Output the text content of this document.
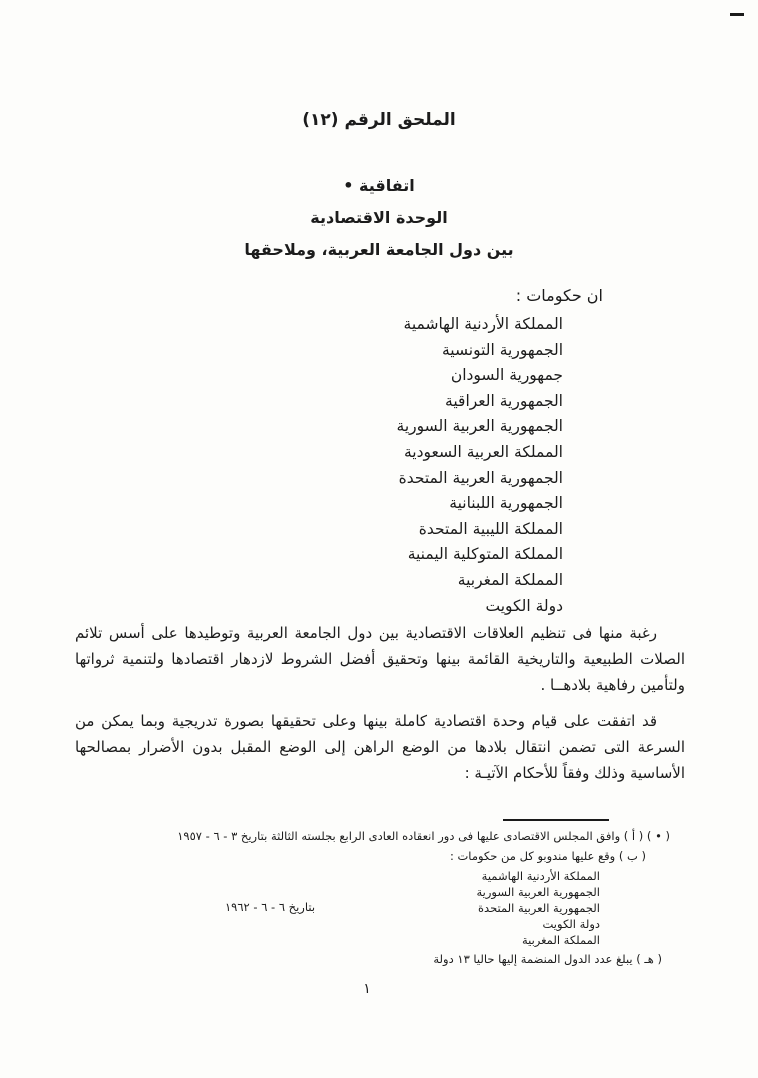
الملحق الرقم (١٢)
اتفاقية •
الوحدة الاقتصادية
بين دول الجامعة العربية، وملاحقها
ان حكومات :
المملكة الأردنية الهاشمية
الجمهورية التونسية
جمهورية السودان
الجمهورية العراقية
الجمهورية العربية السورية
المملكة العربية السعودية
الجمهورية العربية المتحدة
الجمهورية اللبنانية
المملكة الليبية المتحدة
المملكة المتوكلية اليمنية
المملكة المغربية
دولة الكويت
رغبة منها فى تنظيم العلاقات الاقتصادية بين دول الجامعة العربية وتوطيدها على أسس تلائم الصلات الطبيعية والتاريخية القائمة بينها وتحقيق أفضل الشروط لازدهار اقتصادها ولتنمية ثرواتها ولتأمين رفاهية بلادهــا .
قد اتفقت على قيام وحدة اقتصادية كاملة بينها وعلى تحقيقها بصورة تدريجية وبما يمكن من السرعة التى تضمن انتقال بلادها من الوضع الراهن إلى الوضع المقبل بدون الأضرار بمصالحها الأساسية وذلك وفقاً للأحكام الآتيـة :
( • ) ( أ ) وافق المجلس الاقتصادى عليها فى دور انعقاده العادى الرابع بجلسته الثالثة بتاريخ ٣ - ٦ - ١٩٥٧
( ب ) وقع عليها مندوبو كل من حكومات :
المملكة الأردنية الهاشمية
الجمهورية العربية السورية
الجمهورية العربية المتحدة
دولة الكويت
المملكة المغربية
بتاريخ ٦ - ٦ - ١٩٦٢
( هـ ) يبلغ عدد الدول المنضمة إليها حاليا ١٣ دولة
١
